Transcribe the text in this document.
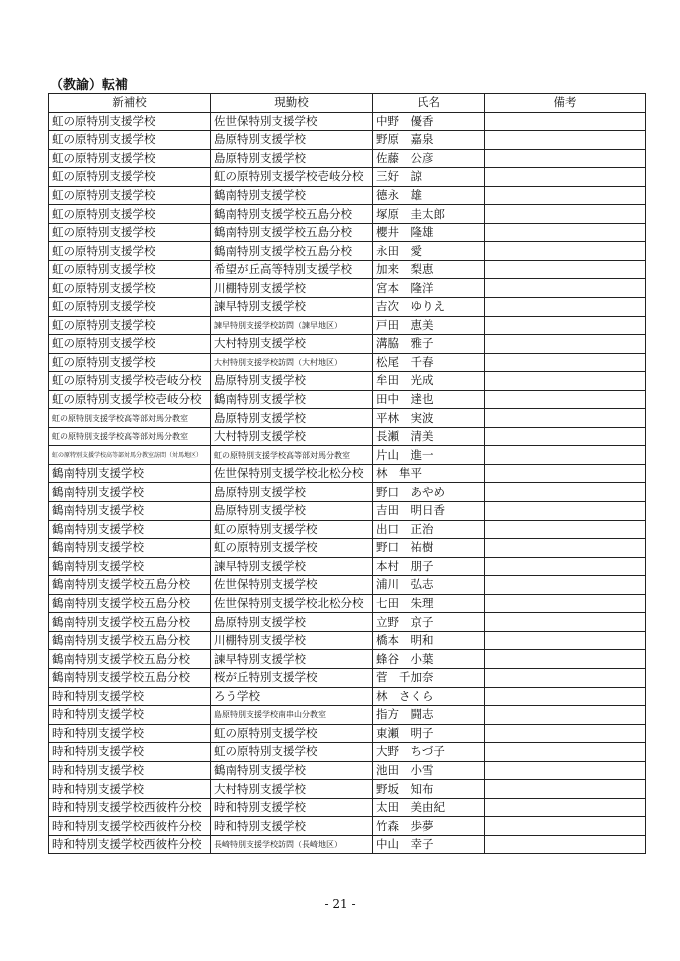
（教諭）転補
新補校	現勤校	氏名	備考
虹の原特別支援学校	佐世保特別支援学校	中野　優香	
虹の原特別支援学校	島原特別支援学校	野原　嘉泉	
虹の原特別支援学校	島原特別支援学校	佐藤　公彦	
虹の原特別支援学校	虹の原特別支援学校壱岐分校	三好　諒	
虹の原特別支援学校	鶴南特別支援学校	德永　雄	
虹の原特別支援学校	鶴南特別支援学校五島分校	塚原　圭太郎	
虹の原特別支援学校	鶴南特別支援学校五島分校	櫻井　隆雄	
虹の原特別支援学校	鶴南特別支援学校五島分校	永田　愛	
虹の原特別支援学校	希望が丘高等特別支援学校	加来　梨恵	
虹の原特別支援学校	川棚特別支援学校	宮本　隆洋	
虹の原特別支援学校	諫早特別支援学校	吉次　ゆりえ	
虹の原特別支援学校	諫早特別支援学校訪問（諫早地区）	戸田　恵美	
虹の原特別支援学校	大村特別支援学校	溝脇　雅子	
虹の原特別支援学校	大村特別支援学校訪問（大村地区）	松尾　千春	
虹の原特別支援学校壱岐分校	島原特別支援学校	牟田　光成	
虹の原特別支援学校壱岐分校	鶴南特別支援学校	田中　達也	
虹の原特別支援学校高等部対馬分教室	島原特別支援学校	平林　実波	
虹の原特別支援学校高等部対馬分教室	大村特別支援学校	長瀬　清美	
虹の原特別支援学校高等部対馬分教室訪問（対馬地区）	虹の原特別支援学校高等部対馬分教室	片山　進一	
鶴南特別支援学校	佐世保特別支援学校北松分校	林　隼平	
鶴南特別支援学校	島原特別支援学校	野口　あやめ	
鶴南特別支援学校	島原特別支援学校	吉田　明日香	
鶴南特別支援学校	虹の原特別支援学校	出口　正治	
鶴南特別支援学校	虹の原特別支援学校	野口　祐樹	
鶴南特別支援学校	諫早特別支援学校	本村　朋子	
鶴南特別支援学校五島分校	佐世保特別支援学校	浦川　弘志	
鶴南特別支援学校五島分校	佐世保特別支援学校北松分校	七田　朱理	
鶴南特別支援学校五島分校	島原特別支援学校	立野　京子	
鶴南特別支援学校五島分校	川棚特別支援学校	橋本　明和	
鶴南特別支援学校五島分校	諫早特別支援学校	蜂谷　小葉	
鶴南特別支援学校五島分校	桜が丘特別支援学校	菅　千加奈	
時和特別支援学校	ろう学校	林　さくら	
時和特別支援学校	島原特別支援学校南串山分教室	指方　闘志	
時和特別支援学校	虹の原特別支援学校	東瀬　明子	
時和特別支援学校	虹の原特別支援学校	大野　ちづ子	
時和特別支援学校	鶴南特別支援学校	池田　小雪	
時和特別支援学校	大村特別支援学校	野坂　知布	
時和特別支援学校西彼杵分校	時和特別支援学校	太田　美由紀	
時和特別支援学校西彼杵分校	時和特別支援学校	竹森　歩夢	
時和特別支援学校西彼杵分校	長崎特別支援学校訪問（長崎地区）	中山　幸子	
- 21 -
